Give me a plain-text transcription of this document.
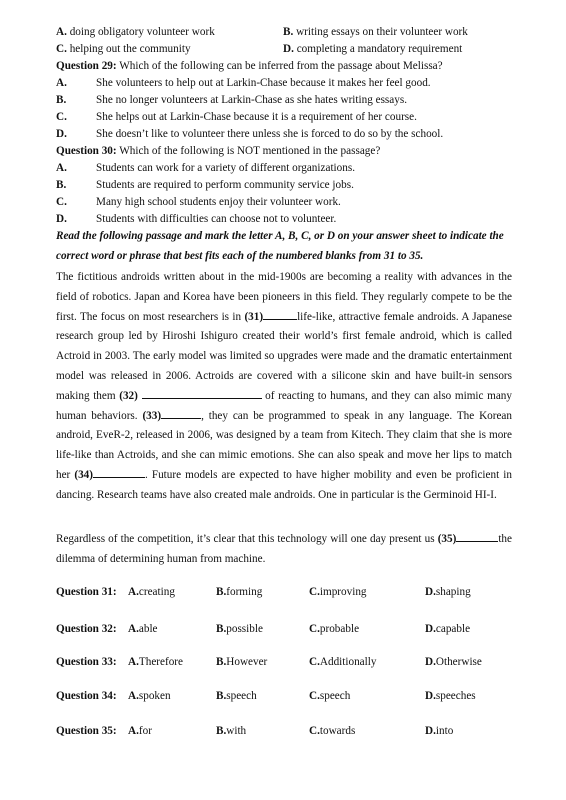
A. doing obligatory volunteer work	B. writing essays on their volunteer work
C. helping out the community	D. completing a mandatory requirement
Question 29: Which of the following can be inferred from the passage about Melissa?
A.	She volunteers to help out at Larkin-Chase because it makes her feel good.
B.	She no longer volunteers at Larkin-Chase as she hates writing essays.
C.	She helps out at Larkin-Chase because it is a requirement of her course.
D.	She doesn’t like to volunteer there unless she is forced to do so by the school.
Question 30: Which of the following is NOT mentioned in the passage?
A.	Students can work for a variety of different organizations.
B.	Students are required to perform community service jobs.
C.	Many high school students enjoy their volunteer work.
D.	Students with difficulties can choose not to volunteer.
Read the following passage and mark the letter A, B, C, or D on your answer sheet to indicate the correct word or phrase that best fits each of the numbered blanks from 31 to 35.
The fictitious androids written about in the mid-1900s are becoming a reality with advances in the field of robotics. Japan and Korea have been pioneers in this field. They regularly compete to be the first. The focus on most researchers is in (31)	life-like, attractive female androids. A Japanese research group led by Hiroshi Ishiguro created their world’s first female android, which is called Actroid in 2003. The early model was limited so upgrades were made and the dramatic entertainment model was released in 2006. Actroids are covered with a silicone skin and have built-in sensors making them (32)	of reacting to humans, and they can also mimic many human behaviors. (33)	, they can be programmed to speak in any language. The Korean android, EveR-2, released in 2006, was designed by a team from Kitech. They claim that she is more life-like than Actroids, and she can mimic emotions. She can also speak and move her lips to match her (34)	. Future models are expected to have higher mobility and even be proficient in dancing. Research teams have also created male androids. One in particular is the Germinoid HI-I.
Regardless of the competition, it’s clear that this technology will one day present us (35)	the dilemma of determining human from machine.
Question 31: A. creating	B. forming	C. improving	D. shaping
Question 32: A. able	B. possible	C. probable	D. capable
Question 33: A. Therefore	B. However	C. Additionally	D. Otherwise
Question 34: A. spoken	B. speech	C. speech	D. speeches
Question 35: A. for	B. with	C. towards	D. into
